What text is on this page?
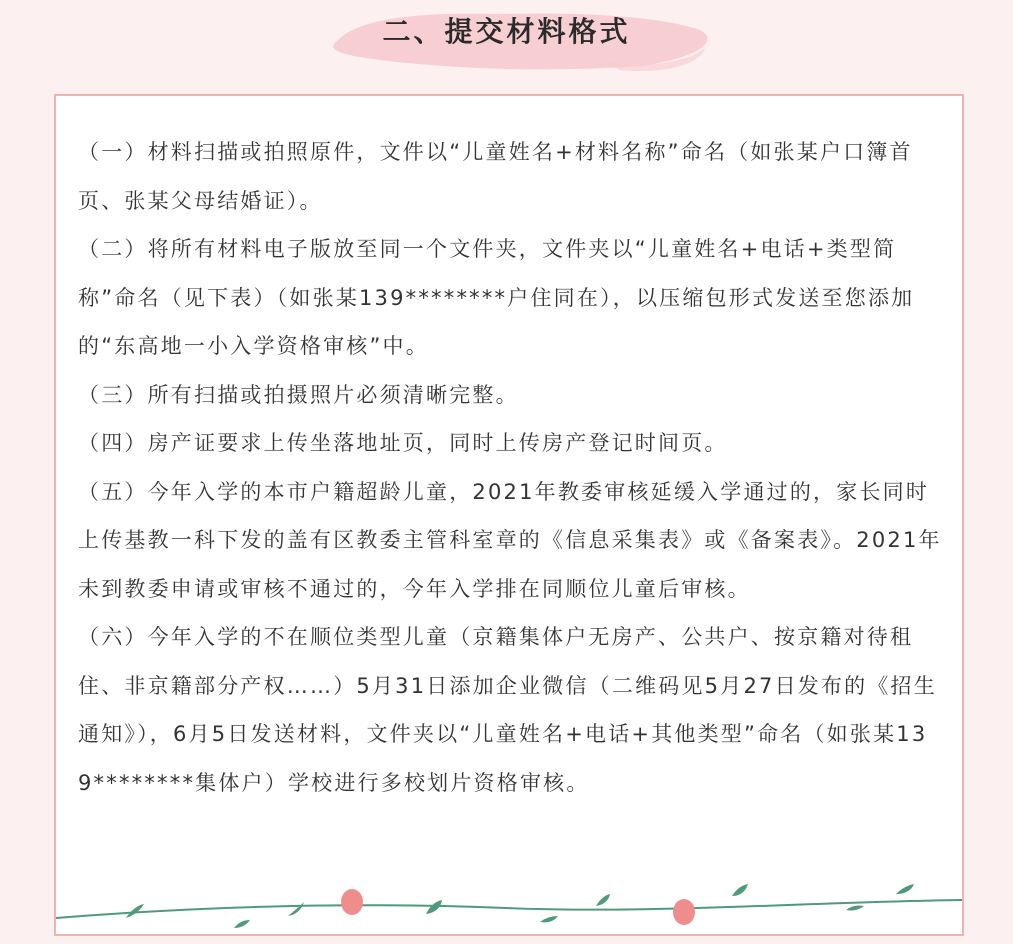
二、提交材料格式

（一）材料扫描或拍照原件，文件以“儿童姓名+材料名称”命名（如张某户口簿首页、张某父母结婚证）。

（二）将所有材料电子版放至同一个文件夹，文件夹以“儿童姓名+电话+类型简称”命名（见下表）（如张某139********户住同在），以压缩包形式发送至您添加的“东高地一小入学资格审核”中。

（三）所有扫描或拍摄照片必须清晰完整。

（四）房产证要求上传坐落地址页，同时上传房产登记时间页。

（五）今年入学的本市户籍超龄儿童，2021年教委审核延缓入学通过的，家长同时上传基教一科下发的盖有区教委主管科室章的《信息采集表》或《备案表》。2021年未到教委申请或审核不通过的，今年入学排在同顺位儿童后审核。

（六）今年入学的不在顺位类型儿童（京籍集体户无房产、公共户、按京籍对待租住、非京籍部分产权……）5月31日添加企业微信（二维码见5月27日发布的《招生通知》），6月5日发送材料，文件夹以“儿童姓名+电话+其他类型”命名（如张某139********集体户）学校进行多校划片资格审核。
